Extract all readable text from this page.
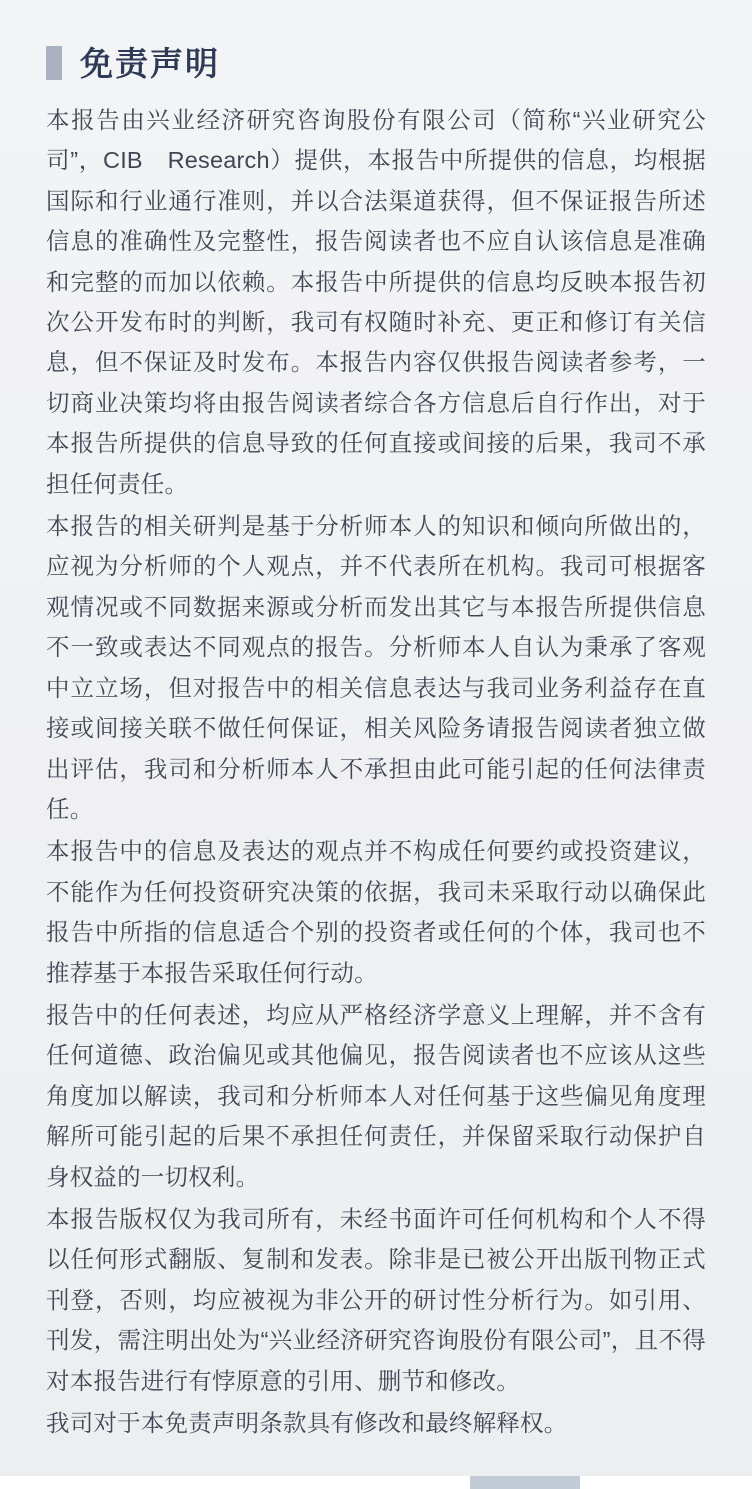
免责声明

本报告由兴业经济研究咨询股份有限公司（简称“兴业研究公司”，CIB　Research）提供，本报告中所提供的信息，均根据国际和行业通行准则，并以合法渠道获得，但不保证报告所述信息的准确性及完整性，报告阅读者也不应自认该信息是准确和完整的而加以依赖。本报告中所提供的信息均反映本报告初次公开发布时的判断，我司有权随时补充、更正和修订有关信息，但不保证及时发布。本报告内容仅供报告阅读者参考，一切商业决策均将由报告阅读者综合各方信息后自行作出，对于本报告所提供的信息导致的任何直接或间接的后果，我司不承担任何责任。

本报告的相关研判是基于分析师本人的知识和倾向所做出的，应视为分析师的个人观点，并不代表所在机构。我司可根据客观情况或不同数据来源或分析而发出其它与本报告所提供信息不一致或表达不同观点的报告。分析师本人自认为秉承了客观中立立场，但对报告中的相关信息表达与我司业务利益存在直接或间接关联不做任何保证，相关风险务请报告阅读者独立做出评估，我司和分析师本人不承担由此可能引起的任何法律责任。

本报告中的信息及表达的观点并不构成任何要约或投资建议，不能作为任何投资研究决策的依据，我司未采取行动以确保此报告中所指的信息适合个别的投资者或任何的个体，我司也不推荐基于本报告采取任何行动。

报告中的任何表述，均应从严格经济学意义上理解，并不含有任何道德、政治偏见或其他偏见，报告阅读者也不应该从这些角度加以解读，我司和分析师本人对任何基于这些偏见角度理解所可能引起的后果不承担任何责任，并保留采取行动保护自身权益的一切权利。

本报告版权仅为我司所有，未经书面许可任何机构和个人不得以任何形式翻版、复制和发表。除非是已被公开出版刊物正式刊登，否则，均应被视为非公开的研讨性分析行为。如引用、刊发，需注明出处为“兴业经济研究咨询股份有限公司”，且不得对本报告进行有悖原意的引用、删节和修改。

我司对于本免责声明条款具有修改和最终解释权。
